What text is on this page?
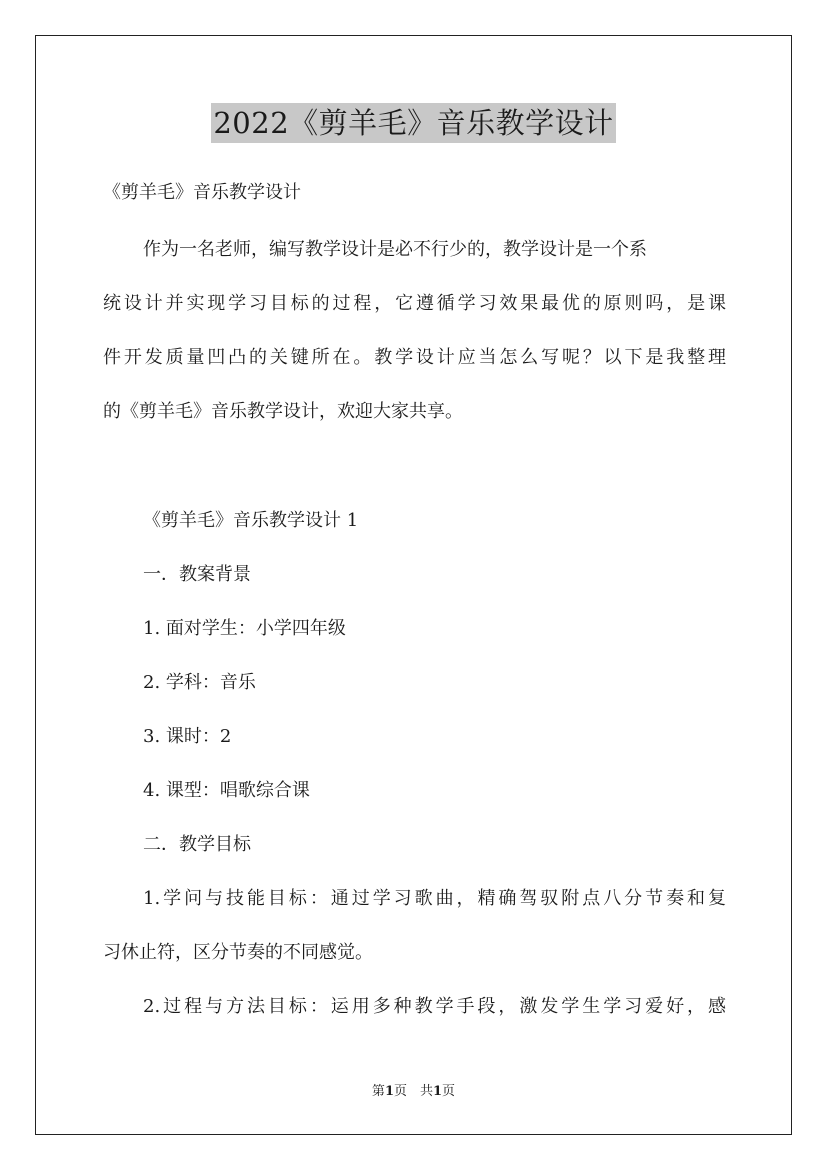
2022《剪羊毛》音乐教学设计
《剪羊毛》音乐教学设计
作为一名老师，编写教学设计是必不行少的，教学设计是一个系
统设计并实现学习目标的过程，它遵循学习效果最优的原则吗，是课
件开发质量凹凸的关键所在。教学设计应当怎么写呢？以下是我整理
的《剪羊毛》音乐教学设计，欢迎大家共享。
《剪羊毛》音乐教学设计 1
一．教案背景
1. 面对学生：小学四年级
2. 学科：音乐
3. 课时：2
4. 课型：唱歌综合课
二．教学目标
1.学问与技能目标：通过学习歌曲，精确驾驭附点八分节奏和复
习休止符，区分节奏的不同感觉。
2.过程与方法目标：运用多种教学手段，激发学生学习爱好，感
第1页　共1页
